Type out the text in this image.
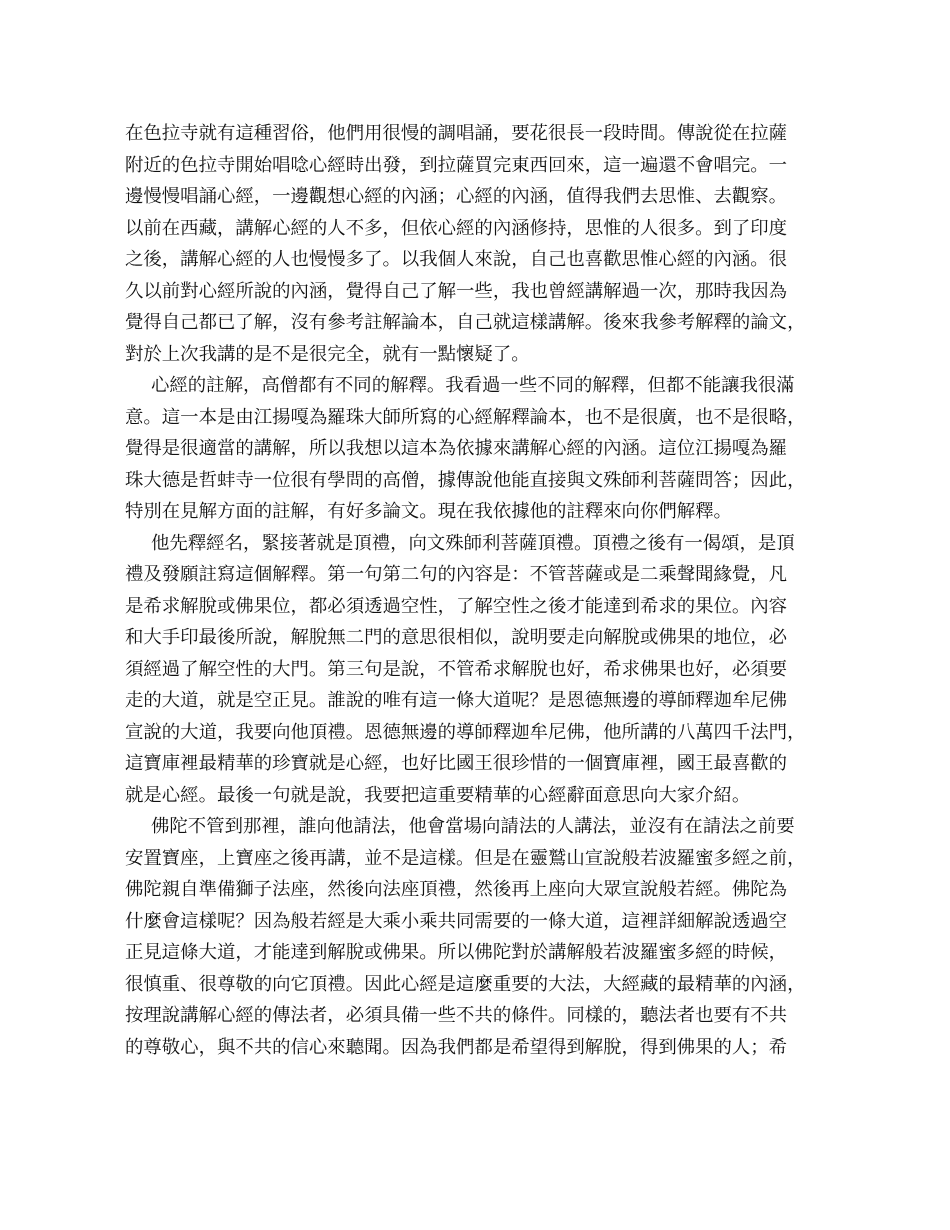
在色拉寺就有這種習俗，他們用很慢的調唱誦，要花很長一段時間。傳說從在拉薩
附近的色拉寺開始唱唸心經時出發，到拉薩買完東西回來，這一遍還不會唱完。一
邊慢慢唱誦心經，一邊觀想心經的內涵；心經的內涵，值得我們去思惟、去觀察。
以前在西藏，講解心經的人不多，但依心經的內涵修持，思惟的人很多。到了印度
之後，講解心經的人也慢慢多了。以我個人來說，自己也喜歡思惟心經的內涵。很
久以前對心經所說的內涵，覺得自己了解一些，我也曾經講解過一次，那時我因為
覺得自己都已了解，沒有參考註解論本，自己就這樣講解。後來我參考解釋的論文，
對於上次我講的是不是很完全，就有一點懷疑了。
心經的註解，高僧都有不同的解釋。我看過一些不同的解釋，但都不能讓我很滿
意。這一本是由江揚嘎為羅珠大師所寫的心經解釋論本，也不是很廣，也不是很略，
覺得是很適當的講解，所以我想以這本為依據來講解心經的內涵。這位江揚嘎為羅
珠大德是哲蚌寺一位很有學問的高僧，據傳說他能直接與文殊師利菩薩問答；因此，
特別在見解方面的註解，有好多論文。現在我依據他的註釋來向你們解釋。
他先釋經名，緊接著就是頂禮，向文殊師利菩薩頂禮。頂禮之後有一偈頌，是頂
禮及發願註寫這個解釋。第一句第二句的內容是：不管菩薩或是二乘聲聞緣覺，凡
是希求解脫或佛果位，都必須透過空性，了解空性之後才能達到希求的果位。內容
和大手印最後所說，解脫無二門的意思很相似，說明要走向解脫或佛果的地位，必
須經過了解空性的大門。第三句是說，不管希求解脫也好，希求佛果也好，必須要
走的大道，就是空正見。誰說的唯有這一條大道呢？是恩德無邊的導師釋迦牟尼佛
宣說的大道，我要向他頂禮。恩德無邊的導師釋迦牟尼佛，他所講的八萬四千法門，
這寶庫裡最精華的珍寶就是心經，也好比國王很珍惜的一個寶庫裡，國王最喜歡的
就是心經。最後一句就是說，我要把這重要精華的心經辭面意思向大家介紹。
佛陀不管到那裡，誰向他請法，他會當場向請法的人講法，並沒有在請法之前要
安置寶座，上寶座之後再講，並不是這樣。但是在靈鷲山宣說般若波羅蜜多經之前，
佛陀親自準備獅子法座，然後向法座頂禮，然後再上座向大眾宣說般若經。佛陀為
什麼會這樣呢？因為般若經是大乘小乘共同需要的一條大道，這裡詳細解說透過空
正見這條大道，才能達到解脫或佛果。所以佛陀對於講解般若波羅蜜多經的時候，
很慎重、很尊敬的向它頂禮。因此心經是這麼重要的大法，大經藏的最精華的內涵，
按理說講解心經的傳法者，必須具備一些不共的條件。同樣的，聽法者也要有不共
的尊敬心，與不共的信心來聽聞。因為我們都是希望得到解脫，得到佛果的人；希
